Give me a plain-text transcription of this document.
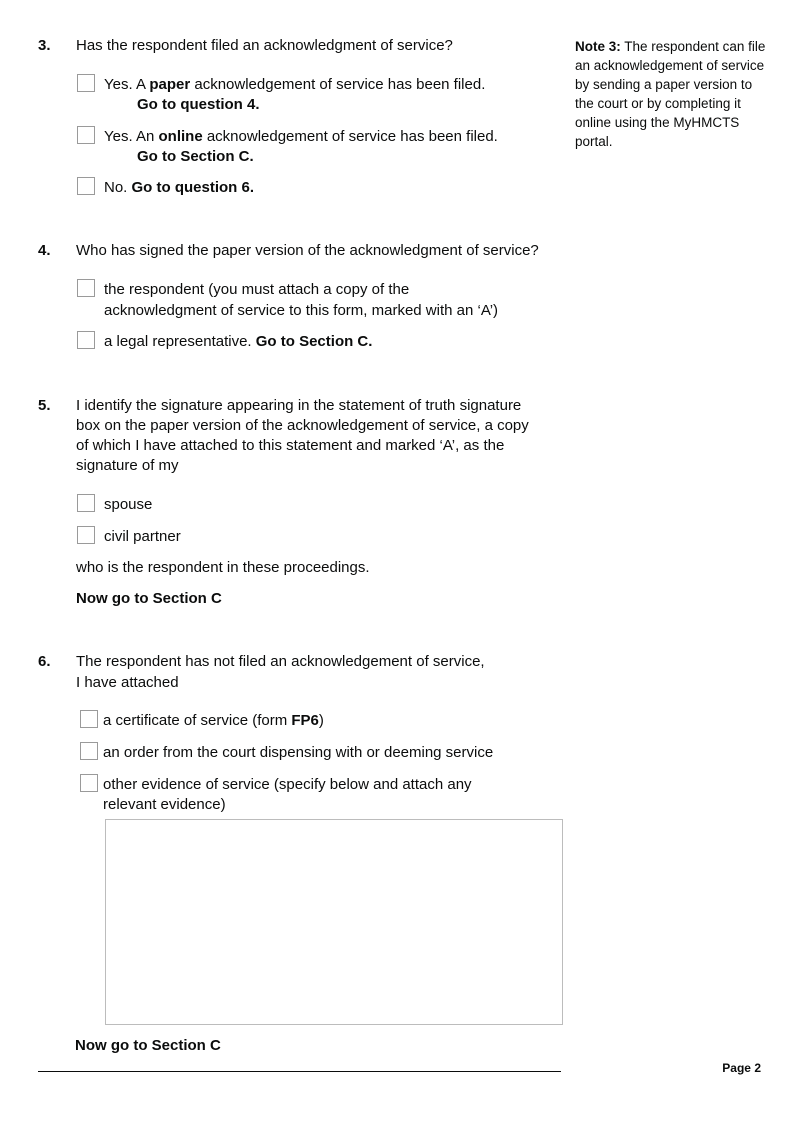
3. Has the respondent filed an acknowledgment of service?
Yes. A paper acknowledgement of service has been filed.
Go to question 4.
Yes. An online acknowledgement of service has been filed.
Go to Section C.
No. Go to question 6.
Note 3: The respondent can file an acknowledgement of service by sending a paper version to the court or by completing it online using the MyHMCTS portal.
4. Who has signed the paper version of the acknowledgment of service?
the respondent (you must attach a copy of the
acknowledgment of service to this form, marked with an ‘A’)
a legal representative. Go to Section C.
5. I identify the signature appearing in the statement of truth signature
box on the paper version of the acknowledgement of service, a copy
of which I have attached to this statement and marked ‘A’, as the
signature of my
spouse
civil partner
who is the respondent in these proceedings.
Now go to Section C
6. The respondent has not filed an acknowledgement of service,
I have attached
a certificate of service (form FP6)
an order from the court dispensing with or deeming service
other evidence of service (specify below and attach any
relevant evidence)
Now go to Section C
Page 2
